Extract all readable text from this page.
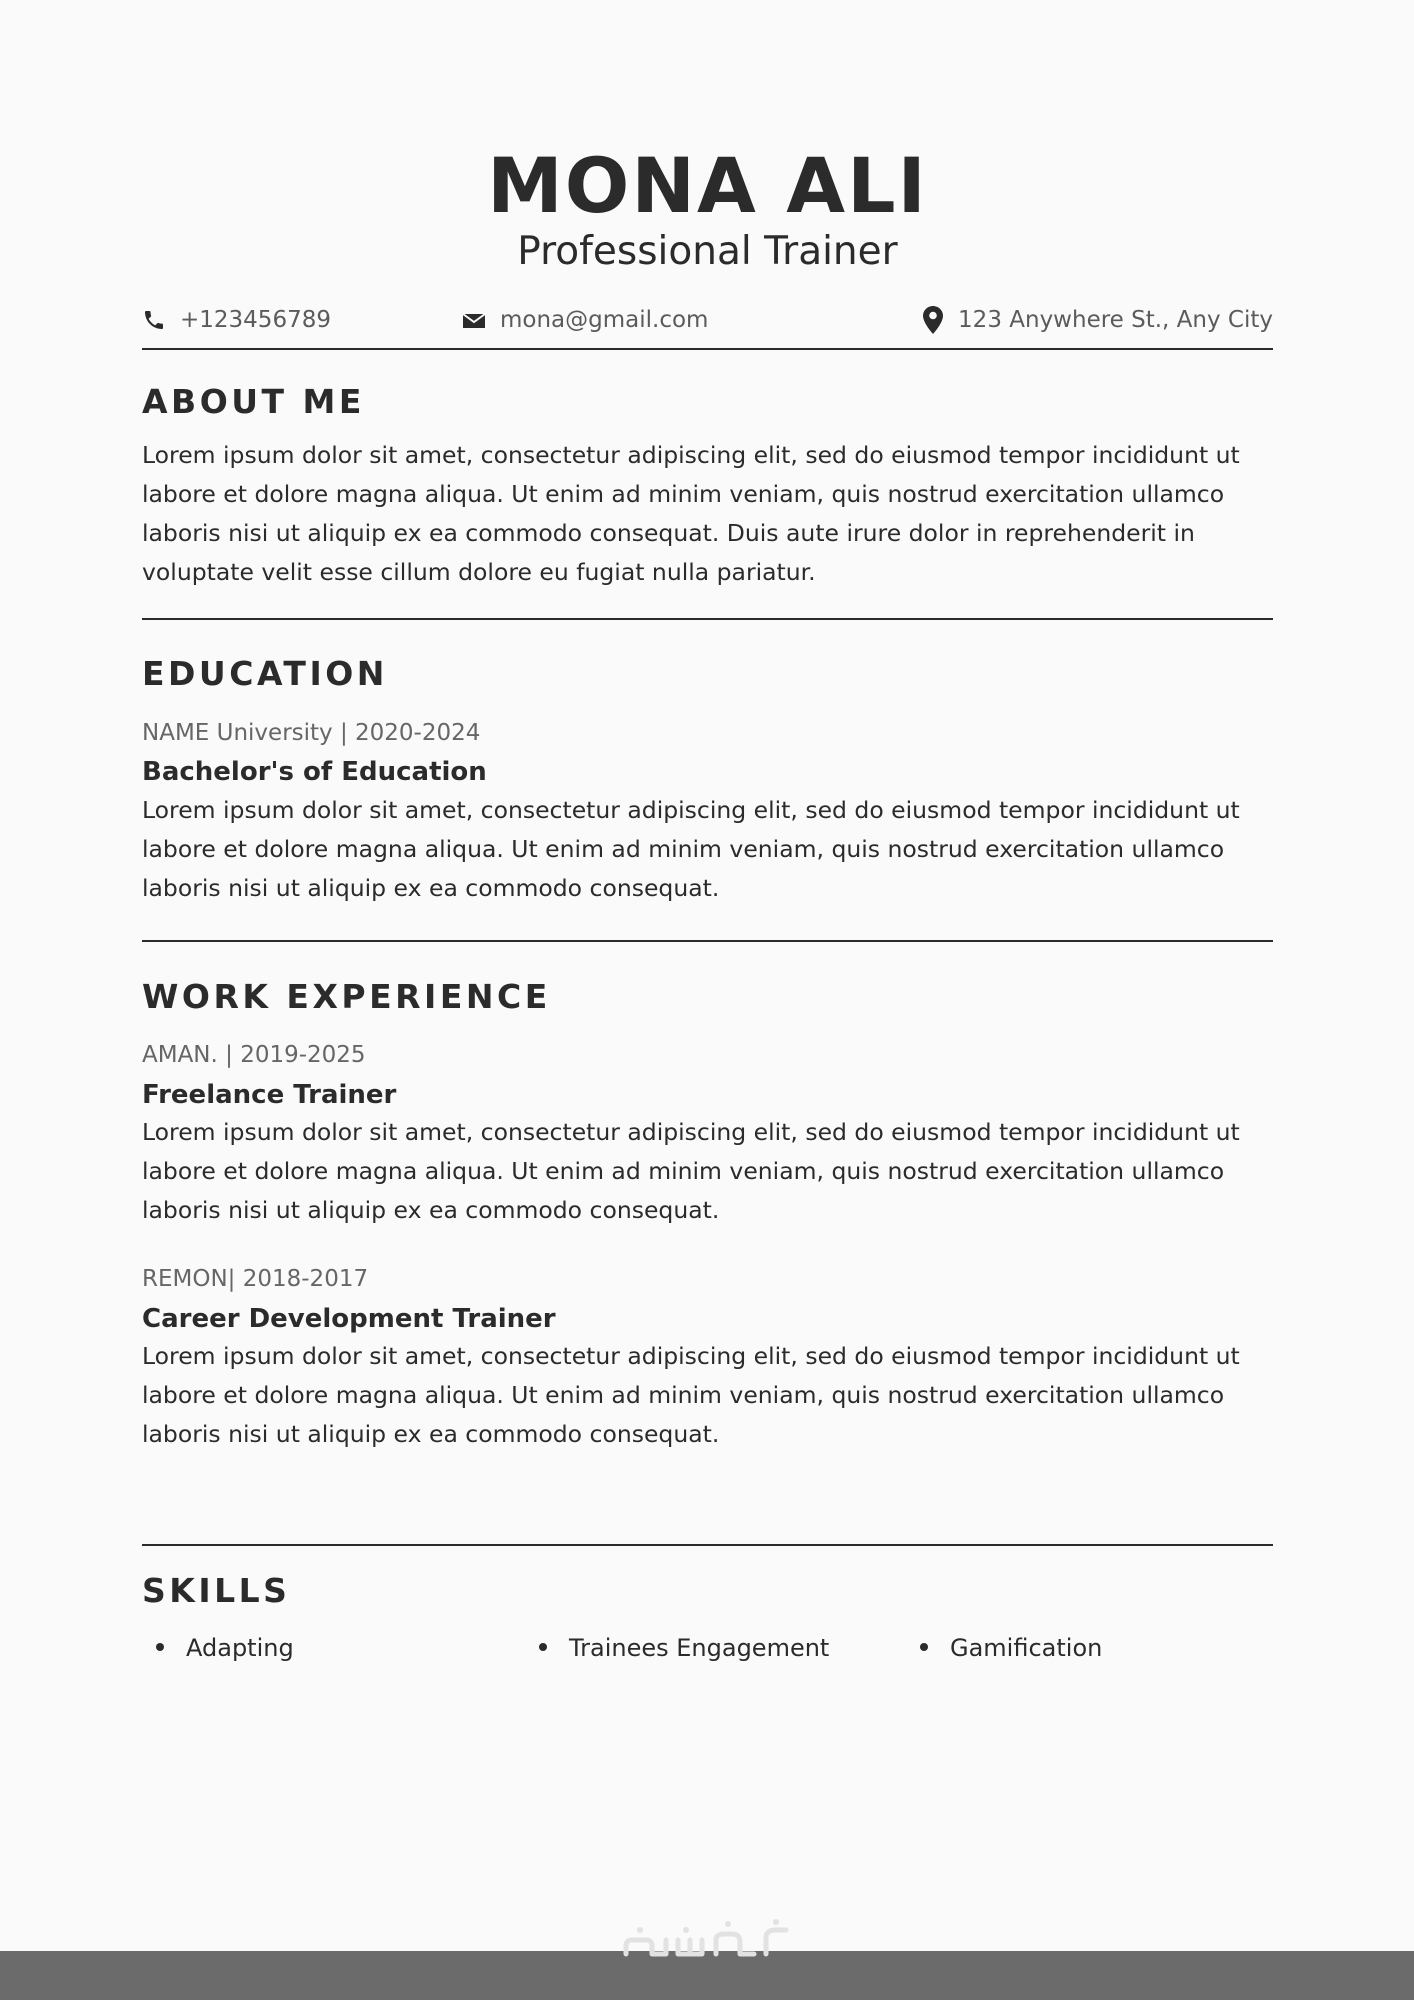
MONA ALI
Professional Trainer
+123456789	mona@gmail.com	123 Anywhere St., Any City
ABOUT ME
Lorem ipsum dolor sit amet, consectetur adipiscing elit, sed do eiusmod tempor incididunt ut labore et dolore magna aliqua. Ut enim ad minim veniam, quis nostrud exercitation ullamco laboris nisi ut aliquip ex ea commodo consequat. Duis aute irure dolor in reprehenderit in voluptate velit esse cillum dolore eu fugiat nulla pariatur.
EDUCATION
NAME University | 2020-2024
Bachelor's of Education
Lorem ipsum dolor sit amet, consectetur adipiscing elit, sed do eiusmod tempor incididunt ut labore et dolore magna aliqua. Ut enim ad minim veniam, quis nostrud exercitation ullamco laboris nisi ut aliquip ex ea commodo consequat.
WORK EXPERIENCE
AMAN. | 2019-2025
Freelance Trainer
Lorem ipsum dolor sit amet, consectetur adipiscing elit, sed do eiusmod tempor incididunt ut labore et dolore magna aliqua. Ut enim ad minim veniam, quis nostrud exercitation ullamco laboris nisi ut aliquip ex ea commodo consequat.
REMON| 2018-2017
Career Development Trainer
Lorem ipsum dolor sit amet, consectetur adipiscing elit, sed do eiusmod tempor incididunt ut labore et dolore magna aliqua. Ut enim ad minim veniam, quis nostrud exercitation ullamco laboris nisi ut aliquip ex ea commodo consequat.
SKILLS
Adapting	Trainees Engagement	Gamification
